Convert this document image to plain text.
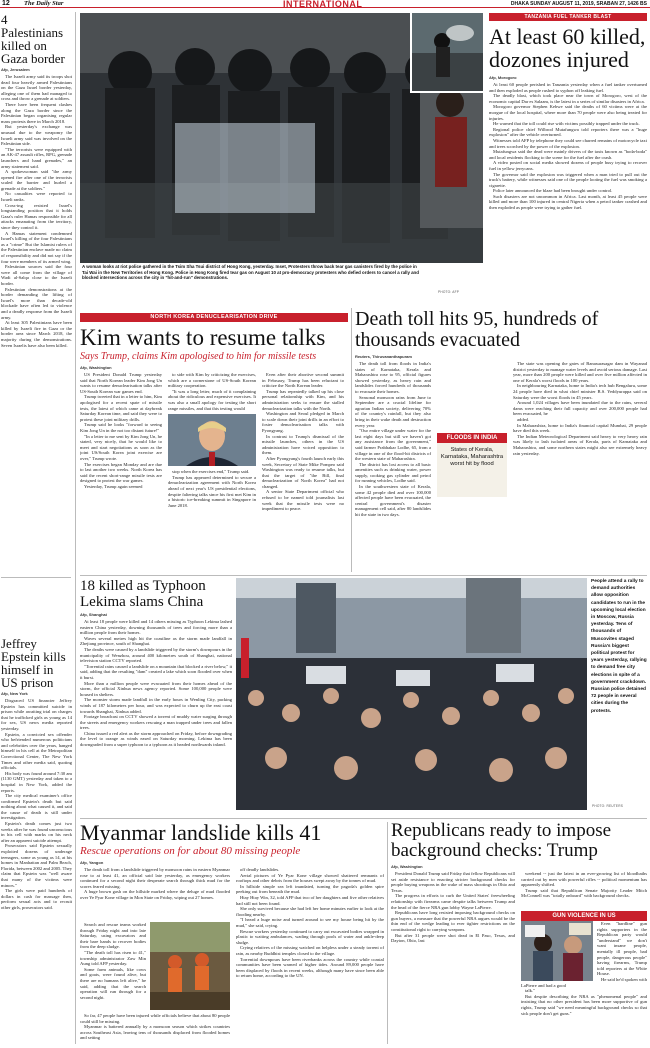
12 The Daily Star	INTERNATIONAL	DHAKA SUNDAY AUGUST 11, 2019, SRABAN 27, 1426 BS
4 Palestinians killed on Gaza border
Afp, Jerusalem

The Israeli army said its troops shot dead four heavily armed Palestinians on the Gaza Israel border yesterday, alleging one of them had managed to cross and throw a grenade at soldiers.

There have been frequent clashes along the Gaza border since the Palestinian began organising regular mass protests there in March 2018.

But yesterday's exchange was unusual due to the weaponry the Israeli army said was involved on the Palestinian side.

"The terrorists were equipped with an AK-47 assault rifles, RPG, grenade launchers and hand grenades," an army statement said.

A spokeswoman said "the army opened fire after one of the terrorists scaled the barrier and hurled a grenade at the soldiers."

No casualties were reported to Israeli ranks.

Cross-ing resisted Israel's longstanding position that it holds Gaza's ruler Hamas responsible for all attacks emanating from the territory, since they control it.

A Hamas statement condemned Israel's killing of the four Palestinians as a "crime" But the Islamist rulers of the Palestinian enclave made no claim of responsibility and did not say if the four were members of its armed wing.

Palestinian sources said the four were all come from the village of Wadi al-Salqa close to the Israeli border.

Palestinian demonstrations at the border demanding the lifting of Israel's more than decade-old blockade have often led to violence and a deadly response from the Israeli army.

At least 305 Palestinians have been killed by Israeli fire in Gaza or the border area since March 2018, the majority during the demonstrations. Seven Israelis have also been killed.

Jeffrey Epstein kills himself in US prison
Afp, New York

Disgraced US financier Jeffrey Epstein has committed suicide in prison while awaiting trial on charges that he trafficked girls as young as 14 for sex, US news media reported yesterday.

Epstein, a convicted sex offender who befriended numerous politicians and celebrities over the years, hanged himself in his cell at the Metropolitan Correctional Center, The New York Times and other media said, quoting officials.

His body was found around 7:30 am (1130 GMT) yesterday and taken to a hospital in New York, added the reports.

The city medical examiner's office confirmed Epstein's death but said nothing about what caused it, and said the cause of death is still under investigation.

Epstein's death comes just two weeks after he was found unconscious in his cell with marks on his neck after an apparent suicide attempt.

Prosecutors said Epstein sexually exploited dozens of underage teenagers, some as young as 14, at his homes in Manhattan and Palm Beach, Florida, between 2002 and 2005. They claim that Epstein was "well aware that many of the victims were minors."

The girls were paid hundreds of dollars in cash for massage then, perform sexual acts and to recruit other girls, prosecutors said.

A woman looks at riot police gathered in the Tsim Sha Tsui district of Hong Kong, yesterday. Inset, Protesters throw back tear gas canisters fired by the police in Tai Wai in the New Territories of Hong Kong. Police in Hong Kong fired tear gas on August 10 at pro-democracy protesters who defied orders to cancel a rally and blocked intersections across the city in "hit-and-run" demonstrations.
PHOTO: AFP
TANZANIA FUEL TANKER BLAST
At least 60 killed, dozones injured
Afp, Morogoro

At least 60 people perished in Tanzania yesterday when a fuel tanker overturned and then exploded as people rushed to syphon off leaking fuel.

The deadly blast, which took place near the town of Morogoro, west of the economic capital Dar es Salaam, is the latest in a series of similar disasters in Africa.

Morogoro governor Stephen Kebwe said the deaths of 60 victims were at the morgue of the local hospital, where more than 70 people were also being treated for injuries.

He warned that the toll could rise with victims possibly trapped under the truck.

Regional police chief Wilbrod Mutafungwa told reporters there was a "huge explosion" after the vehicle overturned.

Witnesses told AFP by telephone they could see charred remains of motorcycle taxi and trees scorched by the power of the explosion.

Mutafungwa said the dead were mainly drivers of the taxis known as "boda-boda" and local residents flocking to the scene for the fuel after the crash.

A video posted on social media showed dozens of people busy trying to recover fuel in yellow jerrycans.

The governor said the explosion was triggered when a man tried to pull out the truck's battery, while witnesses said one of the people looting the fuel was smoking a cigarette.

Police later announced the blaze had been brought under control.

Such disasters are not uncommon in Africa. Last month, at least 45 people were killed and more than 100 injured in central Nigeria when a petrol tanker crashed and then exploded as people were trying to gather fuel.

NORTH KOREA DENUCLEARISATION DRIVE
Kim wants to resume talks
Says Trump, claims Kim apologised to him for missile tests
Afp, Washington

US President Donald Trump yesterday said that North Korean leader Kim Jong Un wants to resume denuclearisation talks after US-South Korean war games end.

Trump tweeted that in a letter to him, Kim apologised for a recent spate of missile tests, the latest of which came at daybreak Saturday Korean time, and said they were to protest these joint military drills.

Trump said he looks "forward to seeing Kim Jong Un in the not too distant future!"

"In a letter to me sent by Kim Jong Un, he stated, very nicely, that he would like to meet and start negotiations as soon as the joint US/South Korea joint exercise are over," Trump wrote.

The exercises began Monday and are due to last another two weeks. North Korea has said the recent short-range missile tests are designed to protest the war games.

Yesterday, Trump again seemed

to side with Kim by criticizing the exercises, which are a cornerstone of US-South Korean military cooperation.

"It was a long letter, much of it complaining about the ridiculous and expensive exercises. It was also a small apology for testing the short range missiles, and that this testing would

stop when the exercises end," Trump said.

Trump has appeared determined to secure a denuclearization agreement with North Korea ahead of next year's US presidential elections, despite faltering talks since his first met Kim in a historic ice-breaking summit in Singapore in June 2018.

Even after their abortive second summit in February, Trump has been reluctant to criticize the North Korean leader.

Trump has repeatedly talked up his close personal relationship with Kim, and his administration seeks to ensure the stalled denuclearization talks with the North.

Washington and Seoul pledged in March to scale down their joint drills in an effort to foster denuclearisation talks with Pyongyang.

In contrast to Trump's dismissal of the missile launches, others in the US administration have voiced opposition to them.

After Pyongyang's fourth launch early this week, Secretary of State Mike Pompeo said Washington was ready to resume talks, but that the target of "the Bill, final denuclearization of North Korea" had not changed.

A senior State Department official who refused to be named told journalists last week that the missile tests were no impediment to peace.

Death toll hits 95, hundreds of thousands evacuated
Reuters, Thiruvananthapuram

The death toll from floods in India's states of Karnataka, Kerala and Maharashtra rose to 95, official figures showed yesterday, as heavy rain and landslides forced hundreds of thousands to evacuate their homes.

Seasonal monsoon rains from June to September are a crucial lifeline for agrarian Indian society, delivering 70% of the country's rainfall, but they also bring in their wake death and destruction every year.

"Our entire village under water for the last eight days but still we haven't got any assistance from the government," said farmer Prabhakar Lodhe, 65, from a village in one of the flood-hit districts of the western state of Maharashtra.

The district has lost access to all basic amenities such as drinking water, power supply, cooking gas cylinder and petrol for running vehicles, Lodhe said.

In the southwestern state of Kerala, some 42 people died and over 100,000 affected people have been evacuated, the central government's disaster management cell said, after 80 landslides hit the state in two days.

FLOODS IN INDIA
States of Kerala, Karnataka, Maharashtra worst hit by flood

The state was opening the gates of Banasurasagar dam in Wayanad district yesterday to manage water levels and avoid serious damage. Last year, more than 200 people were killed and over five million affected in one of Kerala's worst floods in 100 years.

In neighbouring Karnataka, home to India's tech hub Bengaluru, some 24 people have died in what chief minister B.S. Yeddyurappa said on Saturday were the worst floods in 45 years.

Around 1,024 villages have been inundated due to the rains, several dams were reaching their full capacity and over 200,000 people had been evacuated, he

added.

In Maharashtra, home to India's financial capital Mumbai, 29 people have died this week.

The Indian Meteorological Department said heavy to very heavy rain was likely to lash isolated areas of Kerala, parts of Karnataka and Maharashtra, and some northern states might also see extremely heavy rain yesterday.

18 killed as Typhoon Lekima slams China
Afp, Shanghai

At least 18 people were killed and 14 others missing as Typhoon Lekima lashed eastern China yesterday, downing thousands of trees and forcing more than a million people from their homes.

Waves several metres high hit the coastline as the storm made landfall in Zhejiang province, south of Shanghai.

The deaths were caused by a landslide triggered by the storm's downpours in the municipality of Wenzhou, around 400 kilometres south of Shanghai, national television station CCTV reported.

"Torrential rains caused a landslide on a mountain that blocked a river below," it said, adding that the resulting "dam" created a lake which soon flooded over when it burst.

More than a million people were evacuated from their homes ahead of the storm, the official Xinhua news agency reported. Some 100,000 people were housed in shelters.

The monster storm made landfall in the early hours in Wenling City, packing winds of 187 kilometres per hour, and was expected to churn up the east coast towards Shanghai, Xinhua added.

Footage broadcast on CCTV showed a torrent of muddy water surging through the streets and emergency workers rescuing a man trapped under trees and fallen trees.

China issued a red alert as the storm approached on Friday, before downgrading the level to orange as winds eased on Saturday morning. Lekima has been downgraded from a super typhoon to a typhoon as it headed northwards inland.

People attend a rally to demand authorities allow opposition candidates to run in the upcoming local election in Moscow, Russia yesterday. Tens of thousands of Muscovites staged Russia's biggest political protest for years yesterday, rallying to demand free city elections in spite of a government crackdown. Russian police detained 72 people in several cities during the protests.
PHOTO: REUTERS
Myanmar landslide kills 41
Rescue operations on for about 80 missing people
Afp, Yangon

The death toll from a landslide triggered by monsoon rains in eastern Myanmar rose to at least 41, an official said late yesterday, as emergency workers continued for a second night their desperate search through thick mud for the scores feared missing.

A huge brown gash on the hillside marked where the deluge of mud flooded over Ye Pyar Kone village in Mon State on Friday, wiping out 27 homes.

Search and rescue teams worked through Friday night and into late Saturday, using excavators and their bare hands to recover bodies from the deep sludge.

"The death toll has risen to 41," township administrator Zaw Min Aung told AFP yesterday.

Some farm animals, like cows and goats, were found alive, but there are no humans left alive," he said, adding that the search operation will run through for a second night.

So far, 47 people have been injured while officials believe that about 80 people could still be missing.

Myanmar is battered annually by a monsoon season which strikes countries across Southeast Asia, leaving tens of thousands displaced from flooded homes and setting

off deadly landslides.

Aerial pictures of Ye Pyar Kone village showed shattered remnants of rooftops and other debris from the houses swept away by the tonnes of mud.

In hillside simple sea left inundated, turning the pagoda's golden spire peeking out from beneath the mud.

Htay Htay Win, 32, told AFP that two of her daughters and five other relatives had still not been found.

She only survived because she had left her home minutes earlier to look at the flooding nearby.

"I heard a huge noise and turned around to see my house being hit by the mud," she said, crying.

Rescue workers yesterday continued to carry out excavated bodies wrapped in plastic to waiting ambulances, wading through pools of water and ankle-deep sludge.

Crying relatives of the missing watched on helpless under a steady torrent of rain, as nearby Buddhist temples closed to the village.

Torrential downpours have been riverbanks across the country while coastal communities have been warned of higher tides. Around 89,000 people have been displaced by floods in recent weeks, although many have since been able to return home, according to the UN.

Republicans ready to impose background checks: Trump
Afp, Washington

President Donald Trump said Friday that fellow Republicans will set aside resistance to enacting stricter background checks for people buying weapons in the wake of mass shootings in Ohio and Texas.

The progress in efforts to curb the United States' freewheeling relationship with firearms came despite talks between Trump and the head of the fierce NRA gun lobby Wayne LaPierre.

Republicans have long resisted imposing background checks on gun buyers, a measure that the powerful NRA argues would be the thin end of the wedge leading to ever tighter restrictions on the constitutional right to carrying weapons.

But after 31 people were shot dead in El Paso, Texas, and Dayton, Ohio, last

weekend -- just the latest in an ever-growing list of bloodbaths carried out by men with powerful rifles -- political momentum has apparently shifted.

Trump said that Republican Senate Majority Leader Mitch McConnell was "totally onboard" with background checks.

GUN VIOLENCE IN US

Even "hardline" gun rights supporters in the Republican party would "understand" we don't want insane people, mentally ill people, bad people, dangerous people" having firearms, Trump told reporters at the White House.

He said he'd spoken with LaPierre and had a good

talk."

But despite describing the NRA as "phenomenal people" and insisting that no other president has been more supportive of gun rights, Trump said "we need meaningful background checks so that sick people don't get guns."
